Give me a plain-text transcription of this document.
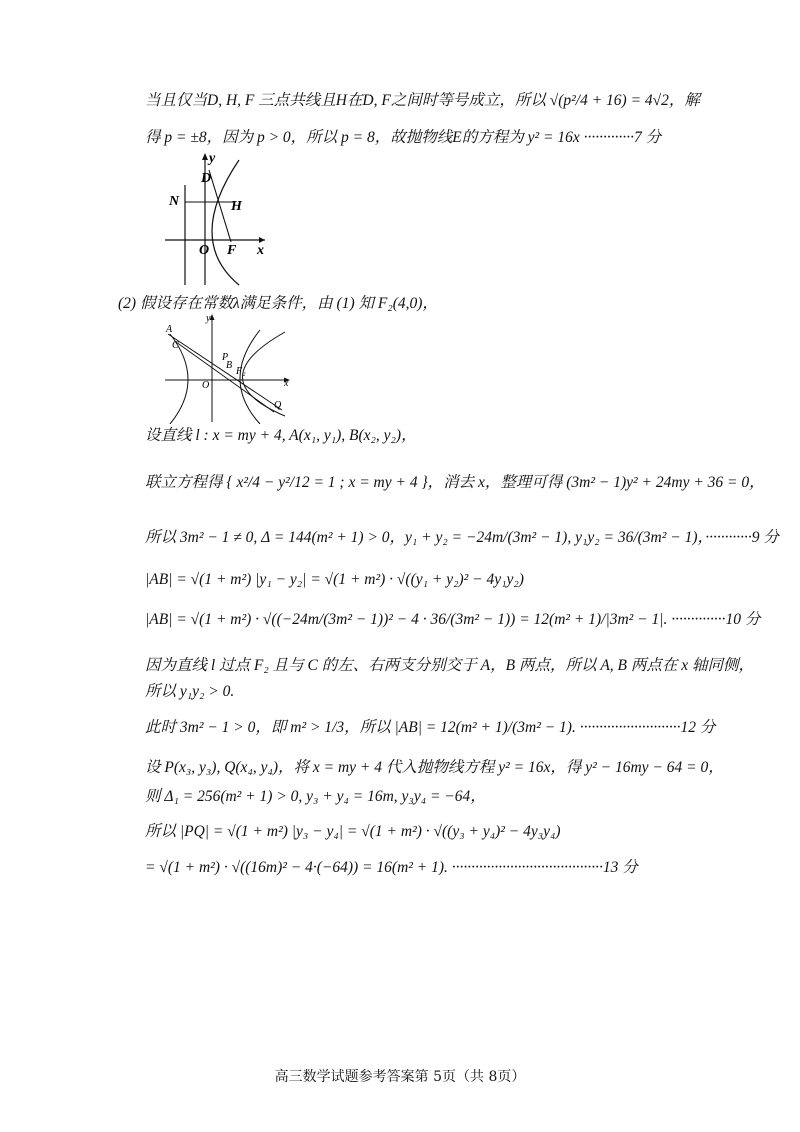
当且仅当D, H, F 三点共线且H在D, F之间时等号成立，所以 √(p²/4 + 16) = 4√2，解
得 p = ±8，因为 p > 0，所以 p = 8，故抛物线E的方程为 y² = 16x ·············7 分
(2) 假设存在常数λ满足条件，由 (1) 知 F₂(4,0)，
设直线 l : x = my + 4, A(x₁, y₁), B(x₂, y₂)，
联立方程得 { x²/4 − y²/12 = 1 ; x = my + 4 }，消去 x，整理可得 (3m² − 1)y² + 24my + 36 = 0，
所以 3m² − 1 ≠ 0, Δ = 144(m² + 1) > 0，y₁ + y₂ = −24m/(3m² − 1), y₁y₂ = 36/(3m² − 1)，············9 分
|AB| = √(1 + m²) |y₁ − y₂| = √(1 + m²) · √((y₁ + y₂)² − 4y₁y₂)
|AB| = √(1 + m²) · √((−24m/(3m² − 1))² − 4 · 36/(3m² − 1)) = 12(m² + 1)/|3m² − 1|. ··············10 分
因为直线 l 过点 F₂ 且与 C 的左、右两支分别交于 A，B 两点，所以 A, B 两点在 x 轴同侧，
所以 y₁y₂ > 0.
此时 3m² − 1 > 0，即 m² > 1/3，所以 |AB| = 12(m² + 1)/(3m² − 1). ··························12 分
设 P(x₃, y₃), Q(x₄, y₄)，将 x = my + 4 代入抛物线方程 y² = 16x，得 y² − 16my − 64 = 0，
则 Δ₁ = 256(m² + 1) > 0, y₃ + y₄ = 16m, y₃y₄ = −64，
所以 |PQ| = √(1 + m²) |y₃ − y₄| = √(1 + m²) · √((y₃ + y₄)² − 4y₃y₄)
= √(1 + m²) · √((16m)² − 4·(−64)) = 16(m² + 1). ·······································13 分
y
D
N	H
O F x
y
A
C
P
B
F₂
O	x
Q
高三数学试题参考答案第 5页（共 8页）
